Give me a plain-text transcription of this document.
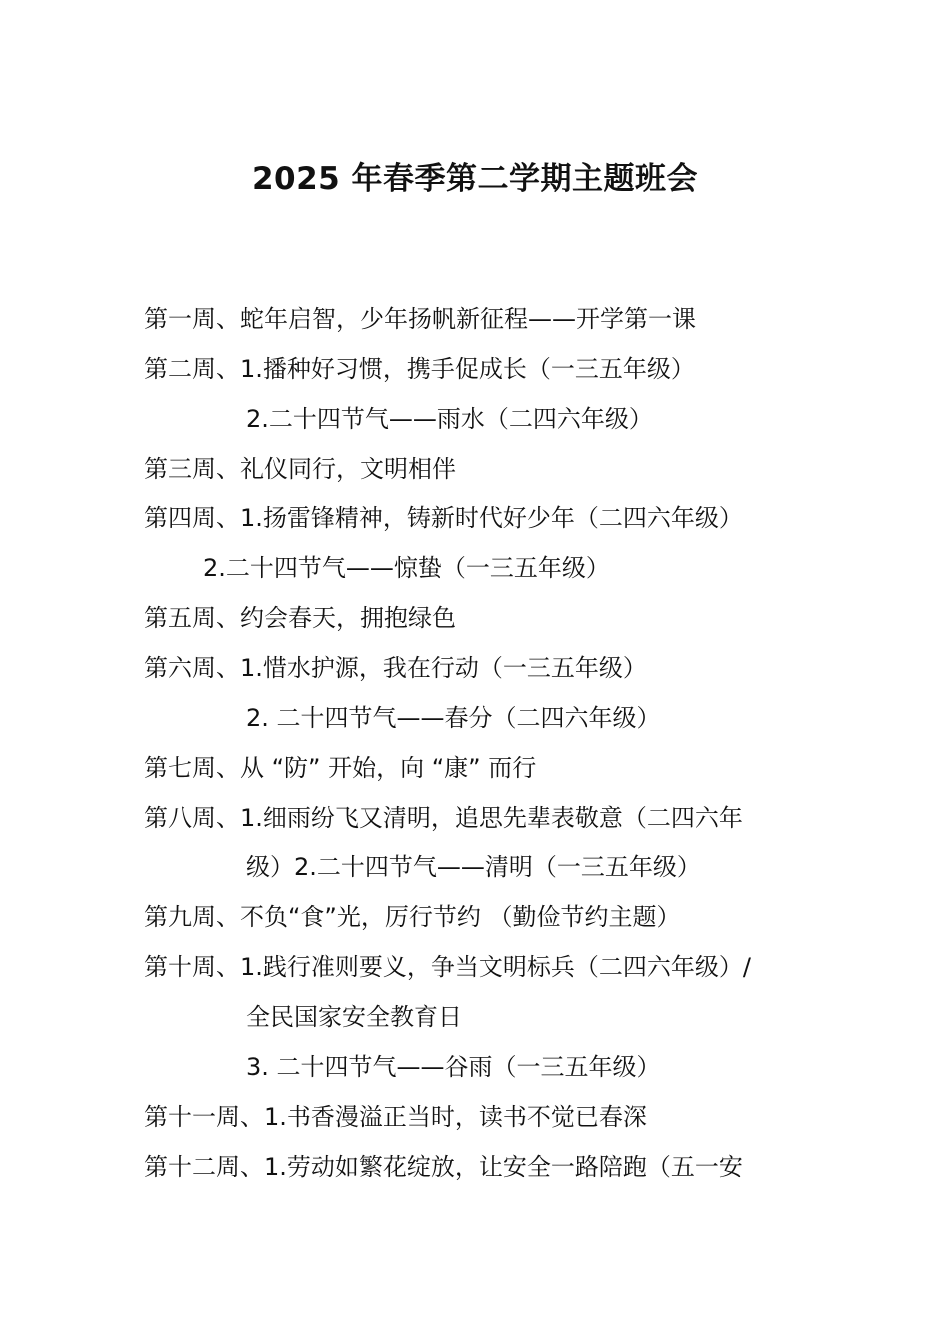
2025 年春季第二学期主题班会
第一周、蛇年启智，少年扬帆新征程——开学第一课
第二周、1.播种好习惯，携手促成长（一三五年级）
2.二十四节气——雨水（二四六年级）
第三周、礼仪同行，文明相伴
第四周、1.扬雷锋精神，铸新时代好少年（二四六年级）
2.二十四节气——惊蛰（一三五年级）
第五周、约会春天，拥抱绿色
第六周、1.惜水护源，我在行动（一三五年级）
2. 二十四节气——春分（二四六年级）
第七周、从 “防” 开始，向 “康” 而行
第八周、1.细雨纷飞又清明，追思先辈表敬意（二四六年
级）2.二十四节气——清明（一三五年级）
第九周、不负“食”光，厉行节约 （勤俭节约主题）
第十周、1.践行准则要义，争当文明标兵（二四六年级）/
全民国家安全教育日
3. 二十四节气——谷雨（一三五年级）
第十一周、1.书香漫溢正当时，读书不觉已春深
第十二周、1.劳动如繁花绽放，让安全一路陪跑（五一安
